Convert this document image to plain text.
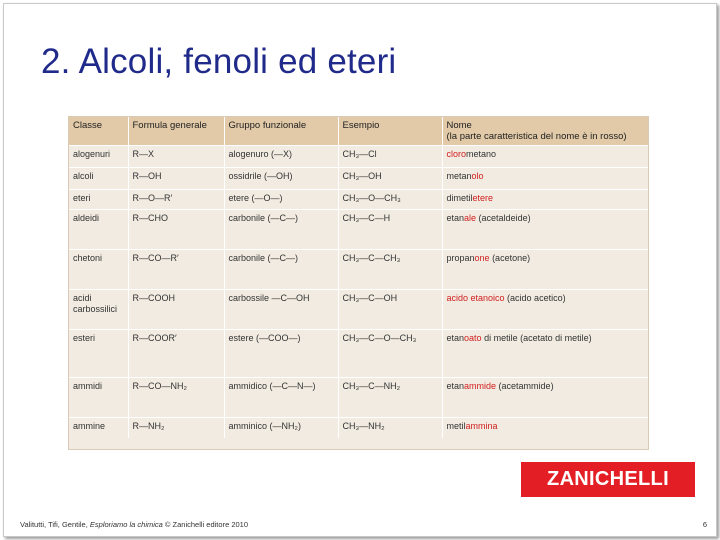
2. Alcoli, fenoli ed eteri
Classe	Formula generale	Gruppo funzionale	Esempio	Nome
(la parte caratteristica del nome è in rosso)

alogenuri	R—X	alogenuro (—X)	CH₃—Cl	clorometano
alcoli	R—OH	ossidrile (—OH)	CH₃—OH	metanolo
eteri	R—O—R′	etere (—O—)	CH₃—O—CH₃	dimetiletere
aldeidi	R—CHO	carbonile (—C—)	CH₃—C—H	etanale (acetaldeide)
chetoni	R—CO—R′	carbonile (—C—)	CH₃—C—CH₃	propanone (acetone)

acidi
carbossilici	R—COOH	carbossile —C—OH	CH₃—C—OH	acido etanoico (acido acetico)
esteri	R—COOR′	estere (—COO—)	CH₃—C—O—CH₃	etanoato di metile (acetato di metile)
ammidi	R—CO—NH₂	ammidico (—C—N—)	CH₃—C—NH₂	etanammide (acetammide)
ammine	R—NH₂	amminico (—NH₂)	CH₃—NH₂	metilammina
ZANICHELLI
Valitutti, Tifi, Gentile, Esploriamo la chimica © Zanichelli editore 2010	6
